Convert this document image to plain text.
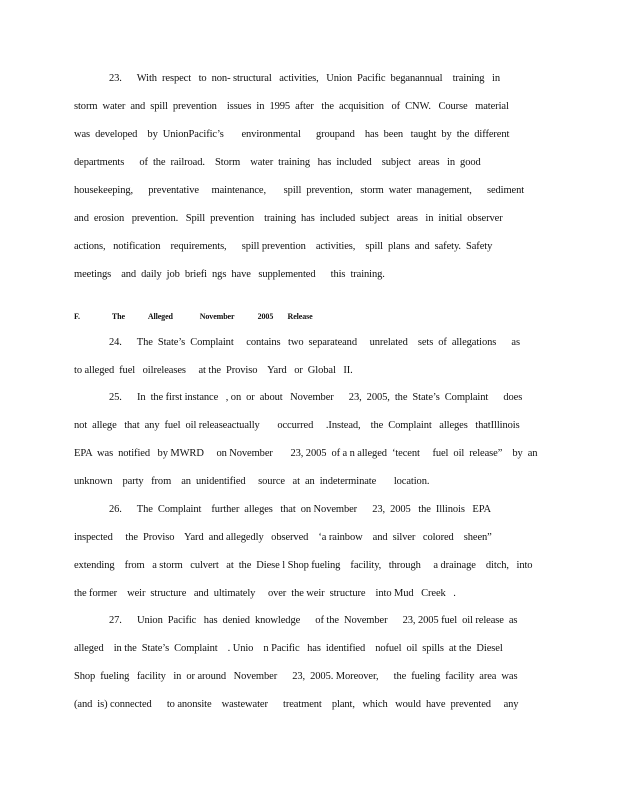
23.      With  respect   to  non- structural   activities,   Union  Pacific  beganannual    training   in
storm  water  and  spill  prevention    issues  in  1995  after   the  acquisition   of  CNW.   Course   material
was  developed    by  UnionPacific’s       environmental      groupand    has  been   taught  by  the  different
departments      of  the  railroad.    Storm    water  training   has  included    subject   areas   in  good
housekeeping,      preventative     maintenance,       spill  prevention,   storm  water  management,      sediment
and  erosion   prevention.   Spill  prevention    training  has  included  subject   areas   in  initial  observer
actions,   notification    requirements,      spill prevention    activities,    spill  plans  and  safety.  Safety
meetings    and  daily  job  briefi  ngs  have   supplemented      this  training.
F.	The	Alleged	November	2005 Release
24.      The  State’s  Complaint     contains   two  separateand     unrelated    sets  of  allegations      as
to alleged  fuel   oilreleases     at the  Proviso    Yard   or  Global   II.
25.      In  the first instance   , on  or  about   November      23,  2005,  the  State’s  Complaint      does
not  allege   that  any  fuel  oil releaseactually       occurred     .Instead,    the  Complaint   alleges   thatIllinois
EPA  was  notified   by MWRD     on November       23, 2005  of a n alleged  ‘tecent     fuel  oil  release”    by  an
unknown    party   from    an  unidentified     source   at  an  indeterminate       location.
26.      The  Complaint    further  alleges   that  on November      23,  2005   the  Illinois   EPA
inspected     the  Proviso    Yard  and allegedly   observed    ‘a rainbow    and  silver   colored    sheen”
extending    from   a storm   culvert   at  the  Diese l Shop fueling    facility,   through     a drainage    ditch,   into
the former    weir  structure   and  ultimately     over  the weir  structure    into Mud   Creek   .
27.      Union  Pacific   has  denied  knowledge      of the  November      23, 2005 fuel  oil release  as
alleged    in the  State’s  Complaint    . Unio    n Pacific   has  identified    nofuel  oil  spills  at the  Diesel
Shop  fueling   facility   in  or around   November      23,  2005. Moreover,      the  fueling  facility  area  was
(and  is) connected      to anonsite    wastewater      treatment    plant,   which   would  have  prevented     any
